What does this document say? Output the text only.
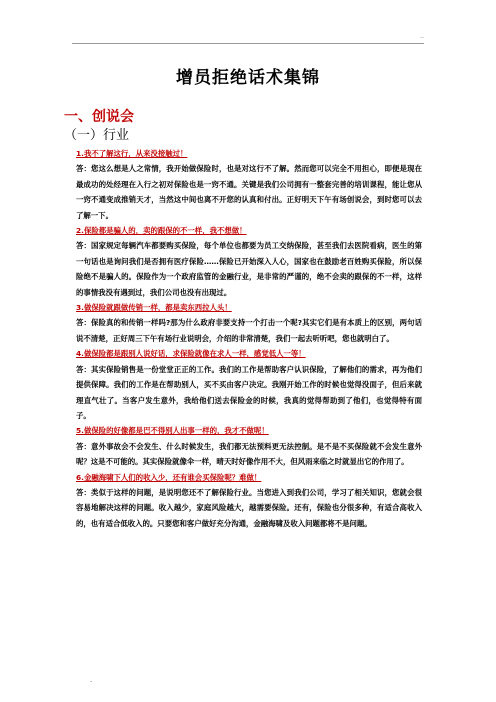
..
增员拒绝话术集锦
一、创说会
（一）行业
1.我不了解这行，从来没接触过！
答：您这么想是人之常情，我开始做保险时，也是对这行不了解。然而您可以完全不用担心，即便是现在最成功的处经理在入行之初对保险也是一窍不通。关键是我们公司拥有一整套完善的培训课程，能让您从一窍不通变成推销天才，当然这中间也离不开您的认真和付出。正好明天下午有场创说会，到时您可以去了解一下。
2.保险都是骗人的，卖的跟保的不一样，我不想做！
答：国家规定每辆汽车都要购买保险，每个单位也都要为员工交纳保险，甚至我们去医院看病，医生的第一句话也是询问我们是否拥有医疗保险……保险已开始深入人心，国家也在鼓励老百姓购买保险，所以保险绝不是骗人的。保险作为一个政府监管的金融行业，是非常的严谨的，绝不会卖的跟保的不一样，这样的事情我没有遇到过，我们公司也没有出现过。
3.做保险就跟做传销一样，都是卖东西拉人头！
答：保险真的和传销一样吗?那为什么政府非要支持一个打击一个呢?其实它们是有本质上的区别，两句话说不清楚，正好周三下午有场行业说明会，介绍的非常清楚，我们一起去听听吧，您也就明白了。
4.做保险都是跟别人说好话，求保险就像在求人一样，感觉低人一等！
答：其实保险销售是一份堂堂正正的工作。我们的工作是帮助客户认识保险，了解他们的需求，再为他们提供保障。我们的工作是在帮助别人，买不买由客户决定。我刚开始工作的时候也觉得没面子，但后来就理直气壮了。当客户发生意外，我给他们送去保险金的时候，我真的觉得帮助到了他们，也觉得特有面子。
5.做保险的好像都是巴不得别人出事一样的，我才不做呢！
答：意外事故会不会发生、什么时候发生，我们都无法预料更无法控制。是不是不买保险就不会发生意外呢？这是不可能的。其实保险就像伞一样，晴天时好像作用不大，但风雨来临之时就显出它的作用了。
6.金融海啸下人们的收入少，还有谁会买保险呢？难做！
答：类似于这样的问题，是说明您还不了解保险行业。当您进入到我们公司，学习了相关知识，您就会很容易地解决这样的问题。收入越少，家庭风险越大，越需要保险。还有，保险也分很多种，有适合高收入的，也有适合低收入的。只要您和客户做好充分沟通，金融海啸及收入问题都将不是问题。
.
